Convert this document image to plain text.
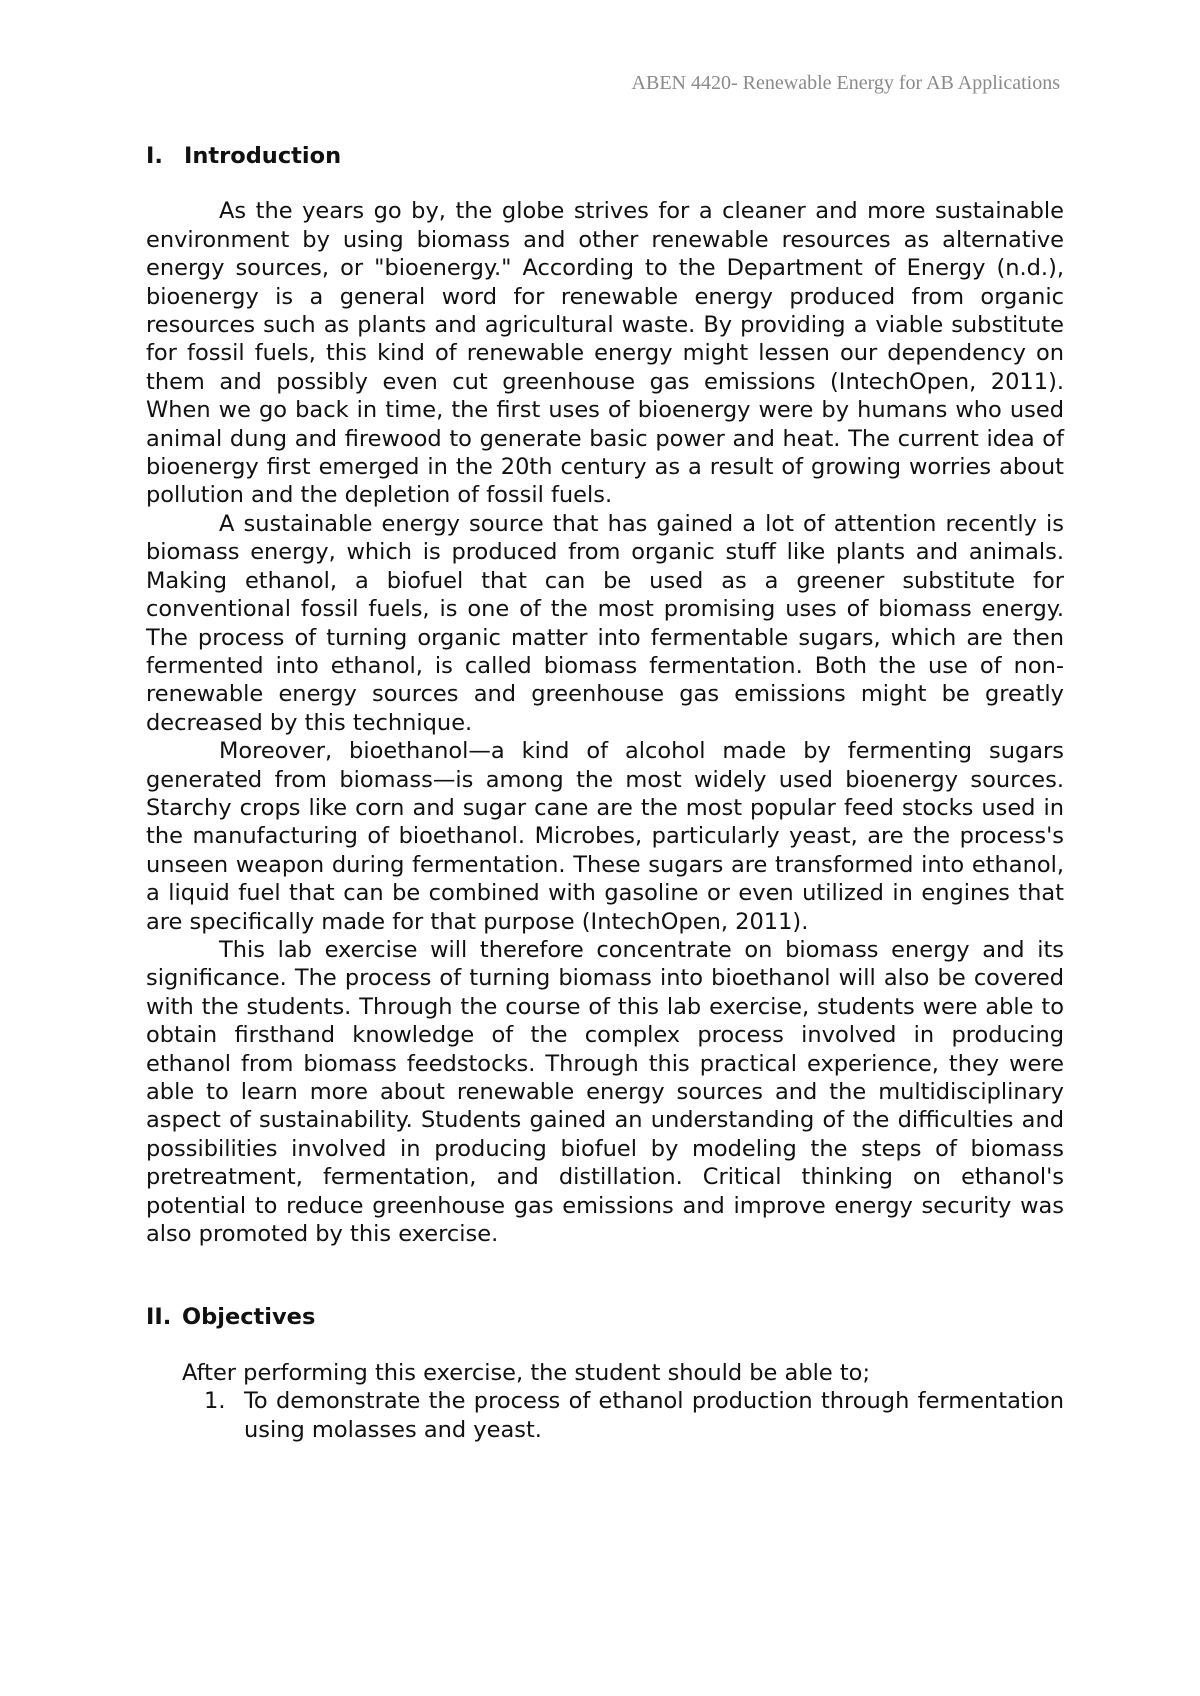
ABEN 4420- Renewable Energy for AB Applications
I. Introduction

As the years go by, the globe strives for a cleaner and more sustainable environment by using biomass and other renewable resources as alternative energy sources, or "bioenergy." According to the Department of Energy (n.d.), bioenergy is a general word for renewable energy produced from organic resources such as plants and agricultural waste. By providing a viable substitute for fossil fuels, this kind of renewable energy might lessen our dependency on them and possibly even cut greenhouse gas emissions (IntechOpen, 2011). When we go back in time, the first uses of bioenergy were by humans who used animal dung and firewood to generate basic power and heat. The current idea of bioenergy first emerged in the 20th century as a result of growing worries about pollution and the depletion of fossil fuels.

A sustainable energy source that has gained a lot of attention recently is biomass energy, which is produced from organic stuff like plants and animals. Making ethanol, a biofuel that can be used as a greener substitute for conventional fossil fuels, is one of the most promising uses of biomass energy. The process of turning organic matter into fermentable sugars, which are then fermented into ethanol, is called biomass fermentation. Both the use of non-renewable energy sources and greenhouse gas emissions might be greatly decreased by this technique.

Moreover, bioethanol—a kind of alcohol made by fermenting sugars generated from biomass—is among the most widely used bioenergy sources. Starchy crops like corn and sugar cane are the most popular feed stocks used in the manufacturing of bioethanol. Microbes, particularly yeast, are the process's unseen weapon during fermentation. These sugars are transformed into ethanol, a liquid fuel that can be combined with gasoline or even utilized in engines that are specifically made for that purpose (IntechOpen, 2011).

This lab exercise will therefore concentrate on biomass energy and its significance. The process of turning biomass into bioethanol will also be covered with the students. Through the course of this lab exercise, students were able to obtain firsthand knowledge of the complex process involved in producing ethanol from biomass feedstocks. Through this practical experience, they were able to learn more about renewable energy sources and the multidisciplinary aspect of sustainability. Students gained an understanding of the difficulties and possibilities involved in producing biofuel by modeling the steps of biomass pretreatment, fermentation, and distillation. Critical thinking on ethanol's potential to reduce greenhouse gas emissions and improve energy security was also promoted by this exercise.

II. Objectives

After performing this exercise, the student should be able to;

1. To demonstrate the process of ethanol production through fermentation using molasses and yeast.
